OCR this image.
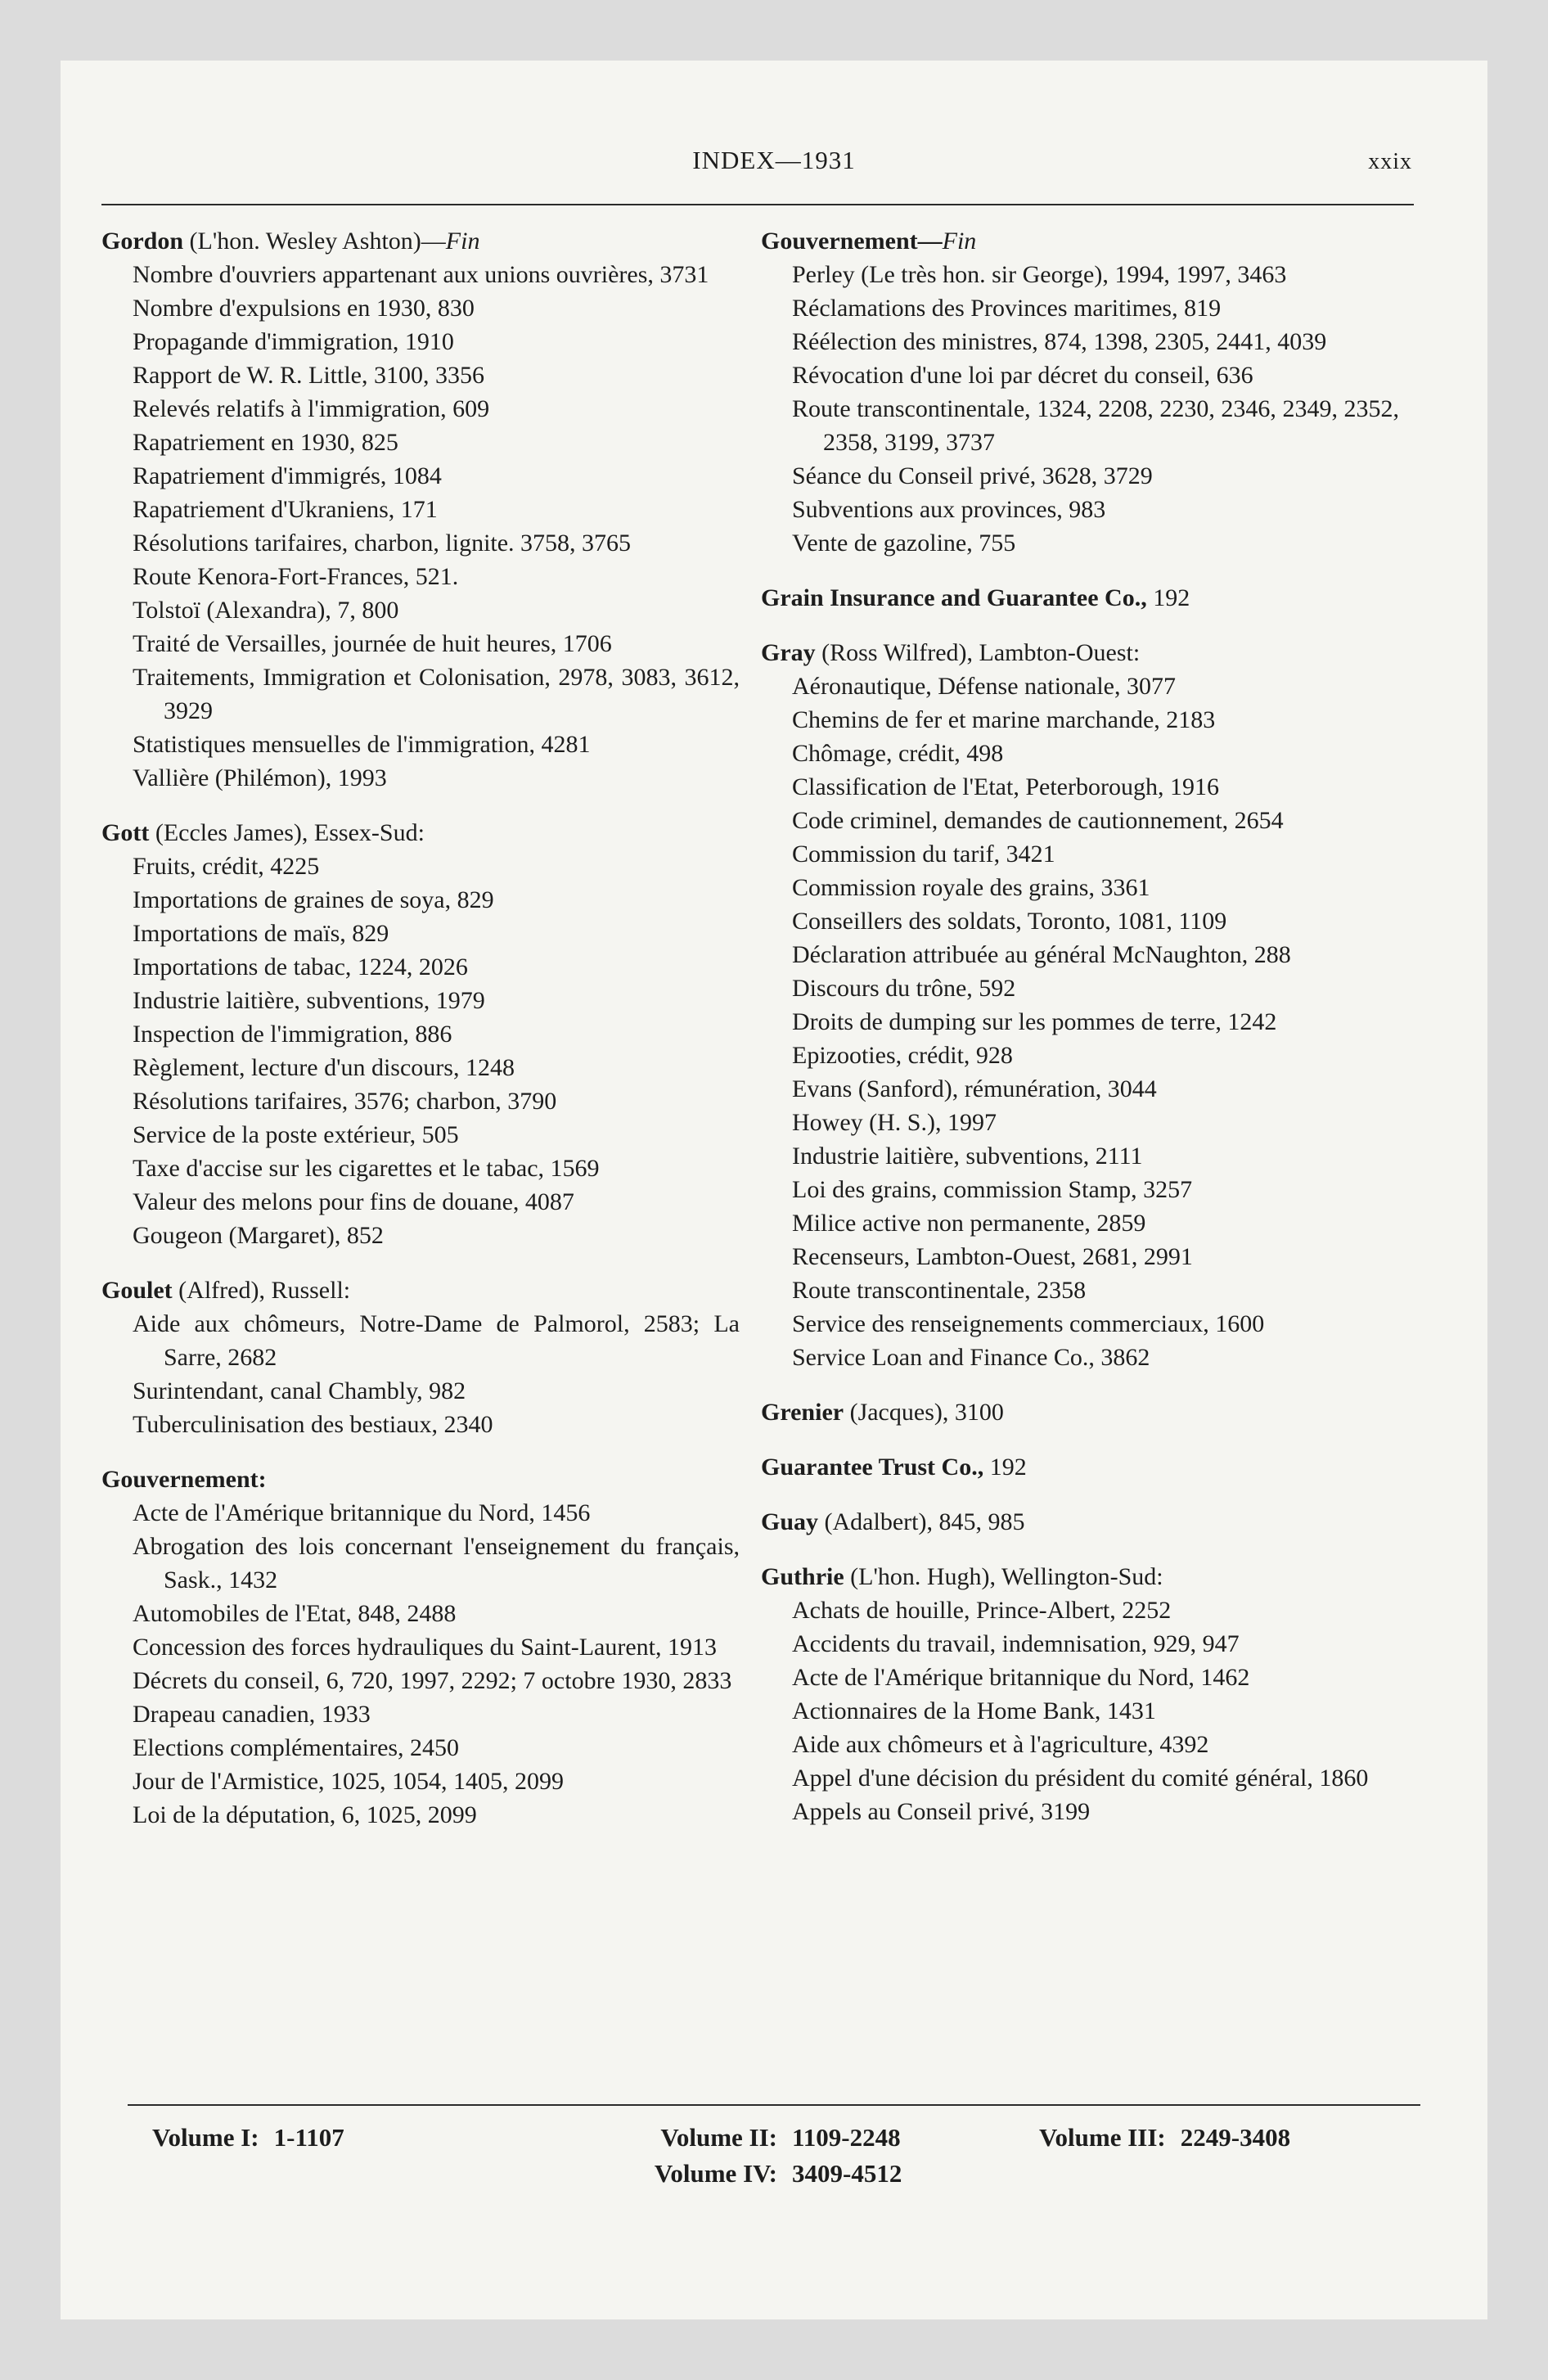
INDEX—1931	xxix
Gordon (L'hon. Wesley Ashton)—Fin
Nombre d'ouvriers appartenant aux unions ouvrières, 3731
Nombre d'expulsions en 1930, 830
Propagande d'immigration, 1910
Rapport de W. R. Little, 3100, 3356
Relevés relatifs à l'immigration, 609
Rapatriement en 1930, 825
Rapatriement d'immigrés, 1084
Rapatriement d'Ukraniens, 171
Résolutions tarifaires, charbon, lignite. 3758, 3765
Route Kenora-Fort-Frances, 521.
Tolstoï (Alexandra), 7, 800
Traité de Versailles, journée de huit heures, 1706
Traitements, Immigration et Colonisation, 2978, 3083, 3612, 3929
Statistiques mensuelles de l'immigration, 4281
Vallière (Philémon), 1993
Gott (Eccles James), Essex-Sud:
Fruits, crédit, 4225
Importations de graines de soya, 829
Importations de maïs, 829
Importations de tabac, 1224, 2026
Industrie laitière, subventions, 1979
Inspection de l'immigration, 886
Règlement, lecture d'un discours, 1248
Résolutions tarifaires, 3576; charbon, 3790
Service de la poste extérieur, 505
Taxe d'accise sur les cigarettes et le tabac, 1569
Valeur des melons pour fins de douane, 4087
Gougeon (Margaret), 852
Goulet (Alfred), Russell:
Aide aux chômeurs, Notre-Dame de Palmorol, 2583; La Sarre, 2682
Surintendant, canal Chambly, 982
Tuberculinisation des bestiaux, 2340
Gouvernement:
Acte de l'Amérique britannique du Nord, 1456
Abrogation des lois concernant l'enseignement du français, Sask., 1432
Automobiles de l'Etat, 848, 2488
Concession des forces hydrauliques du Saint-Laurent, 1913
Décrets du conseil, 6, 720, 1997, 2292; 7 octobre 1930, 2833
Drapeau canadien, 1933
Elections complémentaires, 2450
Jour de l'Armistice, 1025, 1054, 1405, 2099
Loi de la députation, 6, 1025, 2099
Gouvernement—Fin
Perley (Le très hon. sir George), 1994, 1997, 3463
Réclamations des Provinces maritimes, 819
Réélection des ministres, 874, 1398, 2305, 2441, 4039
Révocation d'une loi par décret du conseil, 636
Route transcontinentale, 1324, 2208, 2230, 2346, 2349, 2352, 2358, 3199, 3737
Séance du Conseil privé, 3628, 3729
Subventions aux provinces, 983
Vente de gazoline, 755
Grain Insurance and Guarantee Co., 192
Gray (Ross Wilfred), Lambton-Ouest:
Aéronautique, Défense nationale, 3077
Chemins de fer et marine marchande, 2183
Chômage, crédit, 498
Classification de l'Etat, Peterborough, 1916
Code criminel, demandes de cautionnement, 2654
Commission du tarif, 3421
Commission royale des grains, 3361
Conseillers des soldats, Toronto, 1081, 1109
Déclaration attribuée au général McNaughton, 288
Discours du trône, 592
Droits de dumping sur les pommes de terre, 1242
Epizooties, crédit, 928
Evans (Sanford), rémunération, 3044
Howey (H. S.), 1997
Industrie laitière, subventions, 2111
Loi des grains, commission Stamp, 3257
Milice active non permanente, 2859
Recenseurs, Lambton-Ouest, 2681, 2991
Route transcontinentale, 2358
Service des renseignements commerciaux, 1600
Service Loan and Finance Co., 3862
Grenier (Jacques), 3100
Guarantee Trust Co., 192
Guay (Adalbert), 845, 985
Guthrie (L'hon. Hugh), Wellington-Sud:
Achats de houille, Prince-Albert, 2252
Accidents du travail, indemnisation, 929, 947
Acte de l'Amérique britannique du Nord, 1462
Actionnaires de la Home Bank, 1431
Aide aux chômeurs et à l'agriculture, 4392
Appel d'une décision du président du comité général, 1860
Appels au Conseil privé, 3199
Volume I: 1-1107	Volume II: 1109-2248	Volume III: 2249-3408
Volume IV: 3409-4512
